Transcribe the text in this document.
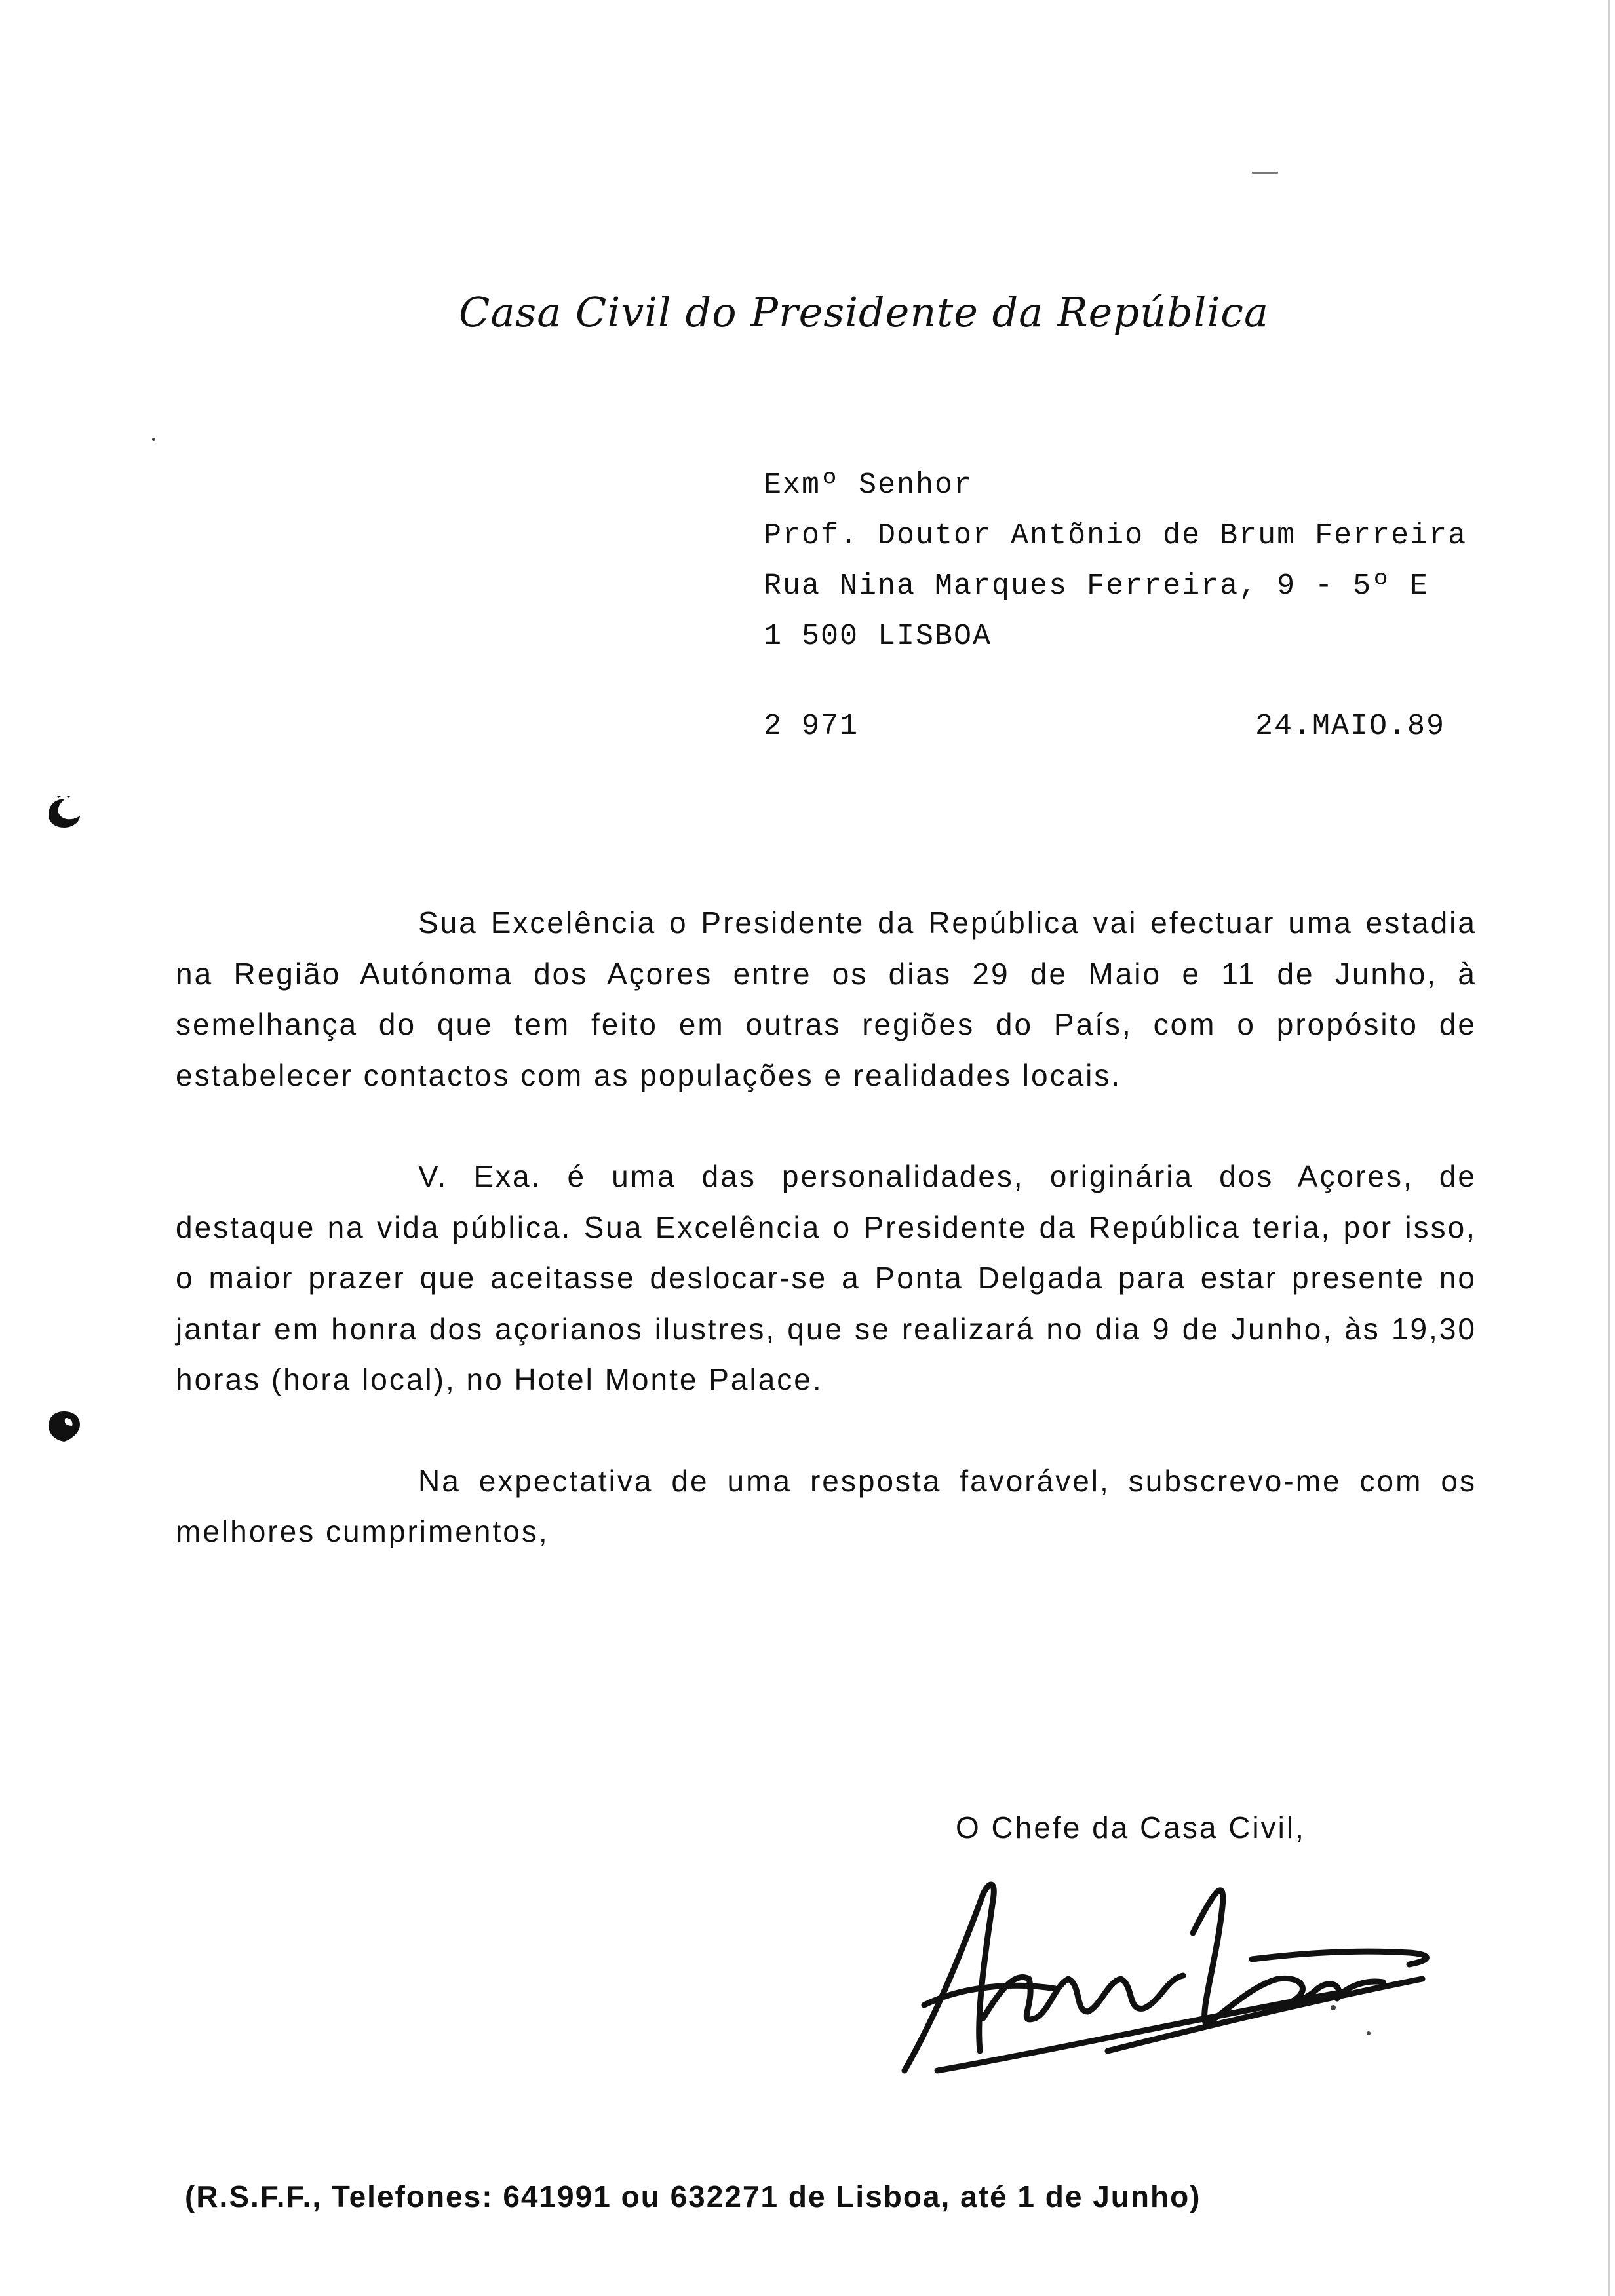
Casa Civil do Presidente da República
Exmº Senhor
Prof. Doutor Antõnio de Brum Ferreira
Rua Nina Marques Ferreira, 9 - 5º E
1 500 LISBOA
2 971	24.MAIO.89

Sua Excelência o Presidente da República vai efectuar uma estadia na Região Autónoma dos Açores entre os dias 29 de Maio e 11 de Junho, à semelhança do que tem feito em outras regiões do País, com o propósito de estabelecer contactos com as populações e realidades locais.

V. Exa. é uma das personalidades, originária dos Açores, de destaque na vida pública. Sua Excelência o Presidente da República teria, por isso, o maior prazer que aceitasse deslocar-se a Ponta Delgada para estar presente no jantar em honra dos açorianos ilustres, que se realizará no dia 9 de Junho, às 19,30 horas (hora local), no Hotel Monte Palace.

Na expectativa de uma resposta favorável, subscrevo-me com os melhores cumprimentos,

O Chefe da Casa Civil,
(R.S.F.F., Telefones: 641991 ou 632271 de Lisboa, até 1 de Junho)
